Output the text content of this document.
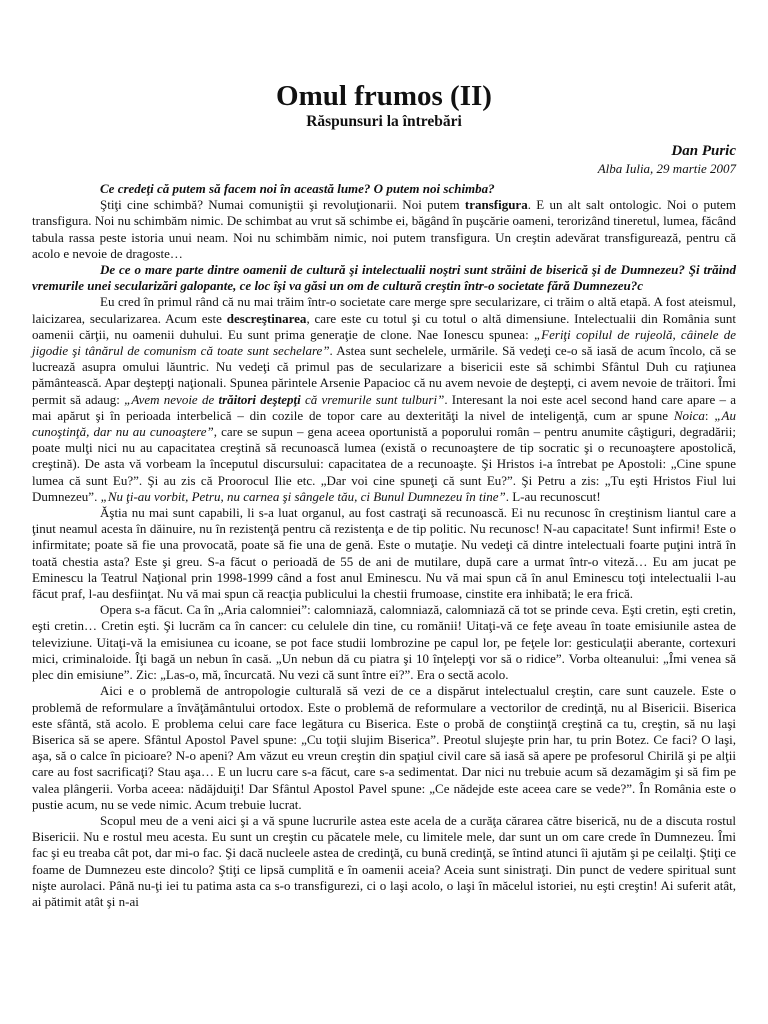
Omul frumos (II)
Răspunsuri la întrebări
Dan Puric
Alba Iulia, 29 martie 2007

Ce credeţi că putem să facem noi în această lume? O putem noi schimba?

Ştiţi cine schimbă? Numai comuniştii şi revoluţionarii. Noi putem transfigura. E un alt salt ontologic. Noi o putem transfigura. Noi nu schimbăm nimic. De schimbat au vrut să schimbe ei, băgând în puşcărie oameni, terorizând tineretul, lumea, făcând tabula rassa peste istoria unui neam. Noi nu schimbăm nimic, noi putem transfigura. Un creştin adevărat transfigurează, pentru că acolo e nevoie de dragoste…

De ce o mare parte dintre oamenii de cultură şi intelectualii noştri sunt străini de biserică şi de Dumnezeu? Şi trăind vremurile unei secularizări galopante, ce loc îşi va găsi un om de cultură creştin într-o societate fără Dumnezeu?c

Eu cred în primul rând că nu mai trăim într-o societate care merge spre secularizare, ci trăim o altă etapă. A fost ateismul, laicizarea, secularizarea. Acum este descreştinarea, care este cu totul şi cu totul o altă dimensiune. Intelectualii din România sunt oamenii cărţii, nu oamenii duhului. Eu sunt prima generaţie de clone. Nae Ionescu spunea: „Feriţi copilul de rujeolă, câinele de jigodie şi tânărul de comunism că toate sunt sechelare”. Astea sunt sechelele, urmările. Să vedeţi ce-o să iasă de acum încolo, că se lucrează asupra omului lăuntric. Nu vedeţi că primul pas de secularizare a bisericii este să schimbi Sfântul Duh cu raţiunea pământească. Apar deştepţi naţionali. Spunea părintele Arsenie Papacioc că nu avem nevoie de deştepţi, ci avem nevoie de trăitori. Îmi permit să adaug: „Avem nevoie de trăitori deştepţi că vremurile sunt tulburi”. Interesant la noi este acel second hand care apare – a mai apărut şi în perioada interbelică – din cozile de topor care au dexterităţi la nivel de inteligenţă, cum ar spune Noica: „Au cunoştinţă, dar nu au cunoaştere”, care se supun – gena aceea oportunistă a poporului român – pentru anumite câştiguri, degradării; poate mulţi nici nu au capacitatea creştină să recunoască lumea (există o recunoaştere de tip socratic şi o recunoaştere apostolică, creştină). De asta vă vorbeam la începutul discursului: capacitatea de a recunoaşte. Şi Hristos i-a întrebat pe Apostoli: „Cine spune lumea că sunt Eu?”. Şi au zis că Proorocul Ilie etc. „Dar voi cine spuneţi că sunt Eu?”. Şi Petru a zis: „Tu eşti Hristos Fiul lui Dumnezeu”. „Nu ţi-au vorbit, Petru, nu carnea şi sângele tău, ci Bunul Dumnezeu în tine”. L-au recunoscut!

Ăştia nu mai sunt capabili, li s-a luat organul, au fost castraţi să recunoască. Ei nu recunosc în creştinism liantul care a ţinut neamul acesta în dăinuire, nu în rezistenţă pentru că rezistenţa e de tip politic. Nu recunosc! N-au capacitate! Sunt infirmi! Este o infirmitate; poate să fie una provocată, poate să fie una de genă. Este o mutaţie. Nu vedeţi că dintre intelectuali foarte puţini intră în toată chestia asta? Este şi greu. S-a făcut o perioadă de 55 de ani de mutilare, după care a urmat într-o viteză… Eu am jucat pe Eminescu la Teatrul Naţional prin 1998-1999 când a fost anul Eminescu. Nu vă mai spun că în anul Eminescu toţi intelectualii l-au făcut praf, l-au desfiinţat. Nu vă mai spun că reacţia publicului la chestii frumoase, cinstite era inhibată; le era frică.

Opera s-a făcut. Ca în „Aria calomniei”: calomniază, calomniază, calomniază că tot se prinde ceva. Eşti cretin, eşti cretin, eşti cretin… Cretin eşti. Şi lucrăm ca în cancer: cu celulele din tine, cu romănii! Uitaţi-vă ce feţe aveau în toate emisiunile astea de televiziune. Uitaţi-vă la emisiunea cu icoane, se pot face studii lombrozine pe capul lor, pe feţele lor: gesticulaţii aberante, cortexuri mici, criminaloide. Îţi bagă un nebun în casă. „Un nebun dă cu piatra şi 10 înţelepţi vor să o ridice”. Vorba olteanului: „Îmi venea să plec din emisiune”. Zic: „Las-o, mă, încurcată. Nu vezi că sunt între ei?”. Era o sectă acolo.

Aici e o problemă de antropologie culturală să vezi de ce a dispărut intelectualul creştin, care sunt cauzele. Este o problemă de reformulare a învăţământului ortodox. Este o problemă de reformulare a vectorilor de credinţă, nu al Bisericii. Biserica este sfântă, stă acolo. E problema celui care face legătura cu Biserica. Este o probă de conştiinţă creştină ca tu, creştin, să nu laşi Biserica să se apere. Sfântul Apostol Pavel spune: „Cu toţii slujim Biserica”. Preotul slujeşte prin har, tu prin Botez. Ce faci? O laşi, aşa, să o calce în picioare? N-o apeni? Am văzut eu vreun creştin din spaţiul civil care să iasă să apere pe profesorul Chirilă şi pe alţii care au fost sacrificaţi? Stau aşa… E un lucru care s-a făcut, care s-a sedimentat. Dar nici nu trebuie acum să dezamăgim şi să fim pe valea plângerii. Vorba aceea: nădăjduiţi! Dar Sfântul Apostol Pavel spune: „Ce nădejde este aceea care se vede?”. În România este o pustie acum, nu se vede nimic. Acum trebuie lucrat.

Scopul meu de a veni aici şi a vă spune lucrurile astea este acela de a curăţa cărarea către biserică, nu de a discuta rostul Bisericii. Nu e rostul meu acesta. Eu sunt un creştin cu păcatele mele, cu limitele mele, dar sunt un om care crede în Dumnezeu. Îmi fac şi eu treaba cât pot, dar mi-o fac. Şi dacă nucleele astea de credinţă, cu bună credinţă, se întind atunci îi ajutăm şi pe ceilalţi. Ştiţi ce foame de Dumnezeu este dincolo? Ştiţi ce lipsă cumplită e în oamenii aceia? Aceia sunt sinistraţi. Din punct de vedere spiritual sunt nişte aurolaci. Până nu-ţi iei tu patima asta ca s-o transfigurezi, ci o laşi acolo, o laşi în măcelul istoriei, nu eşti creştin! Ai suferit atât, ai pătimit atât şi n-ai
